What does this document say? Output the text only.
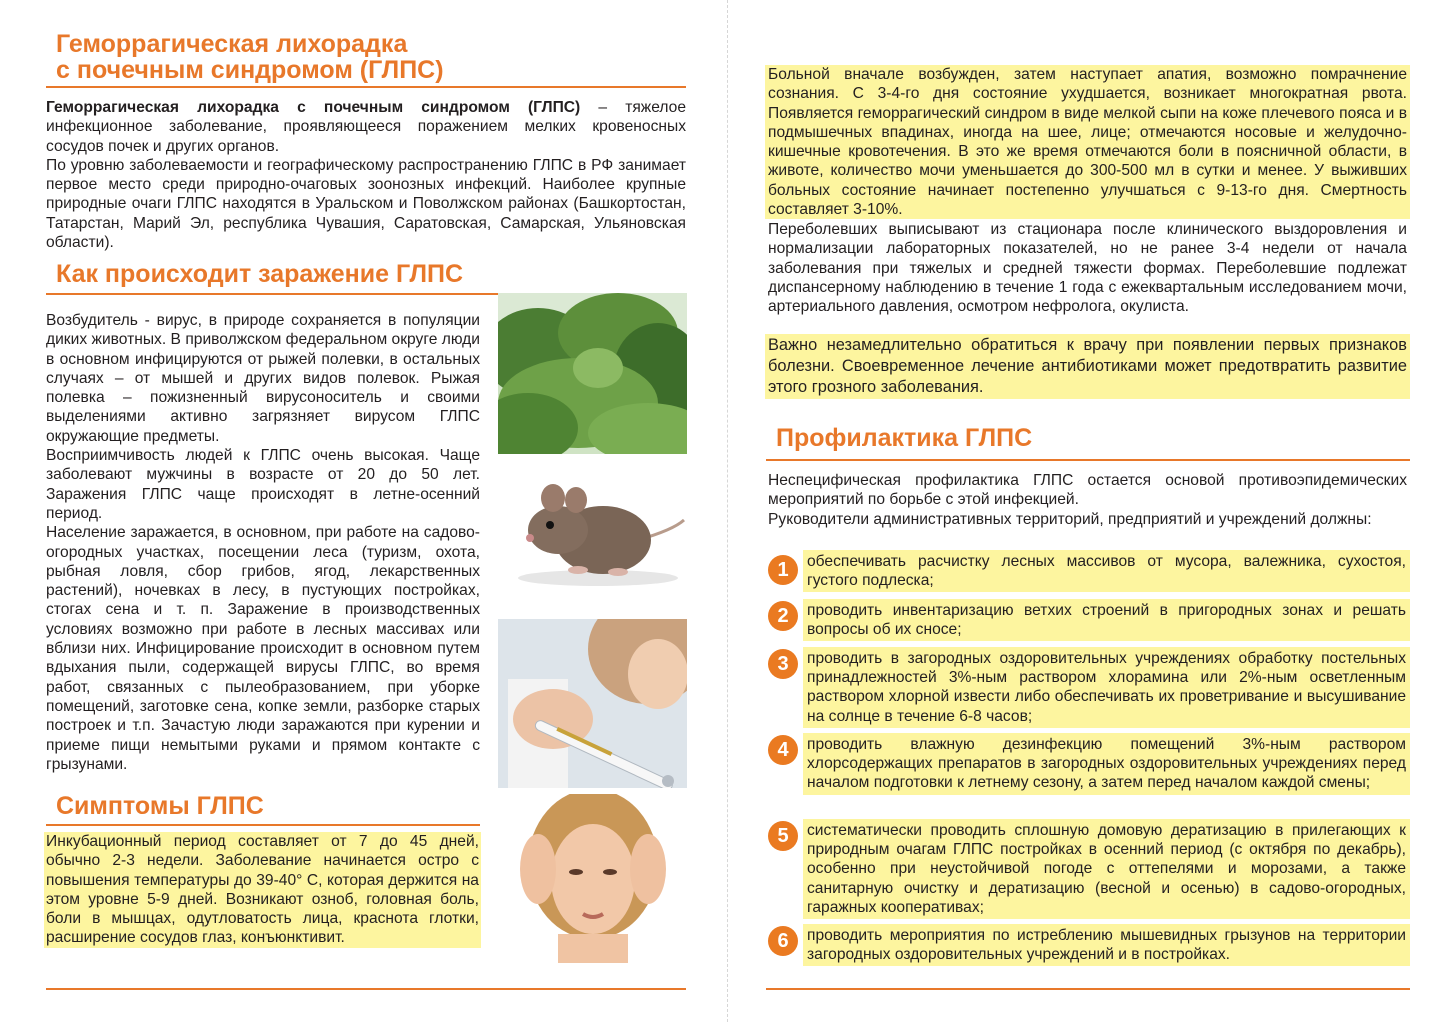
Геморрагическая лихорадка
с почечным синдромом (ГЛПС)

Геморрагическая лихорадка с почечным синдромом (ГЛПС) – тяжелое инфекционное заболевание, проявляющееся поражением мелких кровеносных сосудов почек и других органов.

По уровню заболеваемости и географическому распространению ГЛПС в РФ занимает первое место среди природно-очаговых зоонозных инфекций. Наиболее крупные природные очаги ГЛПС находятся в Уральском и Поволжском районах (Башкортостан, Татарстан, Марий Эл, республика Чувашия, Саратовская, Самарская, Ульяновская области).

Как происходит заражение ГЛПС

Возбудитель - вирус, в природе сохраняется в популяции диких животных. В приволжском федеральном округе люди в основном инфицируются от рыжей полевки, в остальных случаях – от мышей и других видов полевок. Рыжая полевка – пожизненный вирусоноситель и своими выделениями активно загрязняет вирусом ГЛПС окружающие предметы.

Восприимчивость людей к ГЛПС очень высокая. Чаще заболевают мужчины в возрасте от 20 до 50 лет. Заражения ГЛПС чаще происходят в летне-осенний период.

Население заражается, в основном, при работе на садово-огородных участках, посещении леса (туризм, охота, рыбная ловля, сбор грибов, ягод, лекарственных растений), ночевках в лесу, в пустующих постройках, стогах сена и т. п. Заражение в производственных условиях возможно при работе в лесных массивах или вблизи них. Инфицирование происходит в основном путем вдыхания пыли, содержащей вирусы ГЛПС, во время работ, связанных с пылеобразованием, при уборке помещений, заготовке сена, копке земли, разборке старых построек и т.п. Зачастую люди заражаются при курении и приеме пищи немытыми руками и прямом контакте с грызунами.

Симптомы ГЛПС

Инкубационный период составляет от 7 до 45 дней, обычно 2-3 недели. Заболевание начинается остро с повышения температуры до 39-40° С, которая держится на этом уровне 5-9 дней. Возникают озноб, головная боль, боли в мышцах, одутловатость лица, краснота глотки, расширение сосудов глаз, конъюнктивит.

Больной вначале возбужден, затем наступает апатия, возможно помрачнение сознания. С 3-4-го дня состояние ухудшается, возникает многократная рвота. Появляется геморрагический синдром в виде мелкой сыпи на коже плечевого пояса и в подмышечных впадинах, иногда на шее, лице; отмечаются носовые и желудочно-кишечные кровотечения. В это же время отмечаются боли в поясничной области, в животе, количество мочи уменьшается до 300-500 мл в сутки и менее. У выживших больных состояние начинает постепенно улучшаться с 9-13-го дня. Смертность составляет 3-10%.

Переболевших выписывают из стационара после клинического выздоровления и нормализации лабораторных показателей, но не ранее 3-4 недели от начала заболевания при тяжелых и средней тяжести формах. Переболевшие подлежат диспансерному наблюдению в течение 1 года с ежеквартальным исследованием мочи, артериального давления, осмотром нефролога, окулиста.

Важно незамедлительно обратиться к врачу при появлении первых признаков болезни. Своевременное лечение антибиотиками может предотвратить развитие этого грозного заболевания.

Профилактика ГЛПС

Неспецифическая профилактика ГЛПС остается основой противоэпидемических мероприятий по борьбе с этой инфекцией.

Руководители административных территорий, предприятий и учреждений должны:

1	обеспечивать расчистку лесных массивов от мусора, валежника, сухостоя, густого подлеска;
2	проводить инвентаризацию ветхих строений в пригородных зонах и решать вопросы об их сносе;
3	проводить в загородных оздоровительных учреждениях обработку постельных принадлежностей 3%-ным раствором хлорамина или 2%-ным осветленным раствором хлорной извести либо обеспечивать их проветривание и высушивание на солнце в течение 6-8 часов;
4	проводить влажную дезинфекцию помещений 3%-ным раствором хлорсодержащих препаратов в загородных оздоровительных учреждениях перед началом подготовки к летнему сезону, а затем перед началом каждой смены;
5	систематически проводить сплошную домовую дератизацию в прилегающих к природным очагам ГЛПС постройках в осенний период (с октября по декабрь), особенно при неустойчивой погоде с оттепелями и морозами, а также санитарную очистку и дератизацию (весной и осенью) в садово-огородных, гаражных кооперативах;
6	проводить мероприятия по истреблению мышевидных грызунов на территории загородных оздоровительных учреждений и в постройках.
